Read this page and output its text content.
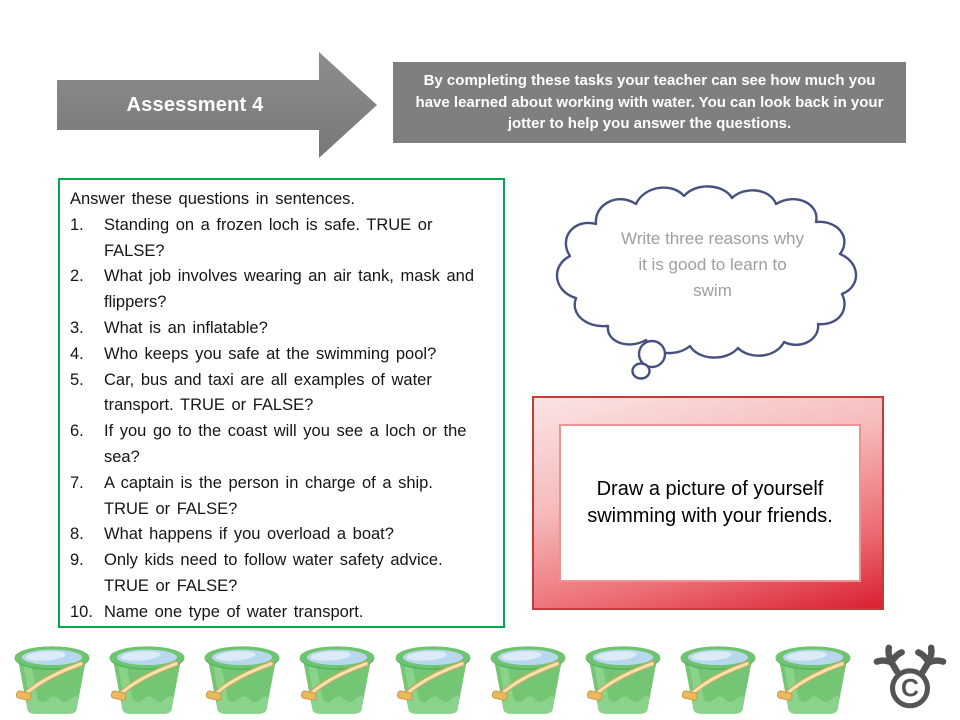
Assessment 4
By completing these tasks your teacher can see how much you have learned about working with water. You can look back in your jotter to help you answer the questions.

Answer these questions in sentences.

1.	Standing on a frozen loch is safe. TRUE or FALSE?
2.	What job involves wearing an air tank, mask and flippers?
3.	What is an inflatable?
4.	Who keeps you safe at the swimming pool?
5.	Car, bus and taxi are all examples of water transport. TRUE or FALSE?
6.	If you go to the coast will you see a loch or the sea?
7.	A captain is the person in charge of a ship. TRUE or FALSE?
8.	What happens if you overload a boat?
9.	Only kids need to follow water safety advice. TRUE or FALSE?
10. Name one type of water transport.
Write three reasons why it is good to learn to swim
Draw a picture of yourself swimming with your friends.
C
